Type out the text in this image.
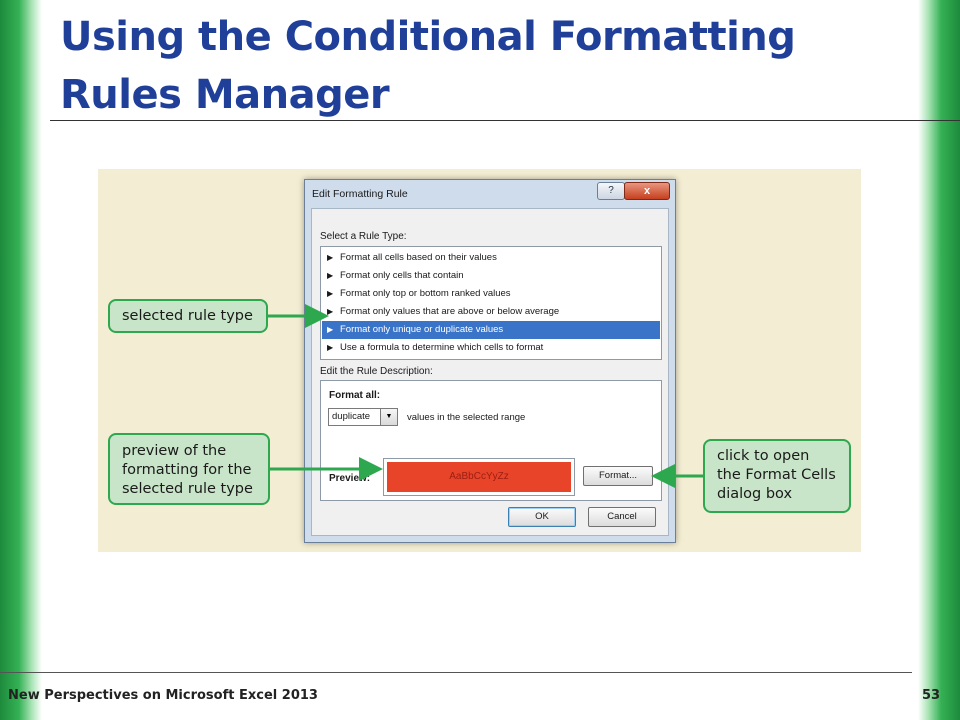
Using the Conditional Formatting Rules Manager
Edit Formatting Rule	?	x
Select a Rule Type:
▶ Format all cells based on their values
▶ Format only cells that contain
▶ Format only top or bottom ranked values
▶ Format only values that are above or below average
▶ Format only unique or duplicate values
▶ Use a formula to determine which cells to format
Edit the Rule Description:
Format all:
duplicate	▼	values in the selected range
Preview:	AaBbCcYyZz	Format...
OK	Cancel
selected rule type
preview of the formatting for the selected rule type
click to open the Format Cells dialog box
New Perspectives on Microsoft Excel 2013	53
